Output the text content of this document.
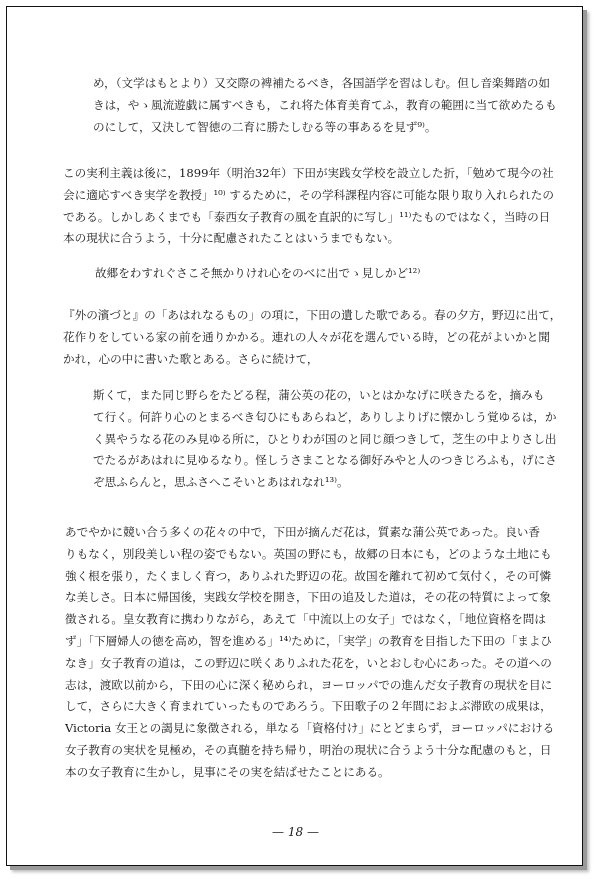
め，（文学はもとより）又交際の裨補たるべき，各国語学を習はしむ。但し音楽舞踏の如

きは，やゝ風流遊戯に属すべきも，これ将た体育美育てふ，教育の範囲に当て欲めたるも

のにして，又決して智徳の二育に勝たしむる等の事あるを見ず⁹⁾。

この実利主義は後に，1899年（明治32年）下田が実践女学校を設立した折，「勉めて現今の社

会に適応すべき実学を教授」¹⁰⁾ するために，その学科課程内容に可能な限り取り入れられたの

である。しかしあくまでも「泰西女子教育の風を直訳的に写し」¹¹⁾たものではなく，当時の日

本の現状に合うよう，十分に配慮されたことはいうまでもない。

故郷をわすれぐさこそ無かりけれ心をのべに出でゝ見しかど¹²⁾

『外の濱づと』の「あはれなるもの」の項に，下田の遺した歌である。春の夕方，野辺に出て，

花作りをしている家の前を通りかかる。連れの人々が花を選んでいる時，どの花がよいかと聞

かれ，心の中に書いた歌とある。さらに続けて，

斯くて，また同じ野らをたどる程，蒲公英の花の，いとはかなげに咲きたるを，摘みも

て行く。何許り心のとまるべき匂ひにもあらねど，ありしよりげに懐かしう覚ゆるは，か

く異やうなる花のみ見ゆる所に，ひとりわが国のと同じ顔つきして，芝生の中よりさし出

でたるがあはれに見ゆるなり。怪しうさまことなる御好みやと人のつきじろふも，げにさ

ぞ思ふらんと，思ふさへこそいとあはれなれ¹³⁾。

あでやかに競い合う多くの花々の中で，下田が摘んだ花は，質素な蒲公英であった。良い香

りもなく，別段美しい程の姿でもない。英国の野にも，故郷の日本にも，どのような土地にも

強く根を張り，たくましく育つ，ありふれた野辺の花。故国を離れて初めて気付く，その可憐

な美しさ。日本に帰国後，実践女学校を開き，下田の追及した道は，その花の特質によって象

徴される。皇女教育に携わりながら，あえて「中流以上の女子」ではなく，「地位資格を問は

ず」「下層婦人の徳を高め，智を進める」¹⁴⁾ために，「実学」の教育を目指した下田の「まよひ

なき」女子教育の道は，この野辺に咲くありふれた花を，いとおしむ心にあった。その道への

志は，渡欧以前から，下田の心に深く秘められ，ヨーロッパでの進んだ女子教育の現状を目に

して，さらに大きく育まれていったものであろう。下田歌子の２年間におよぶ滞欧の成果は，

Victoria 女王との謁見に象徴される，単なる「資格付け」にとどまらず，ヨーロッパにおける

女子教育の実状を見極め，その真髄を持ち帰り，明治の現状に合うよう十分な配慮のもと，日

本の女子教育に生かし，見事にその実を結ばせたことにある。

— 18 —
